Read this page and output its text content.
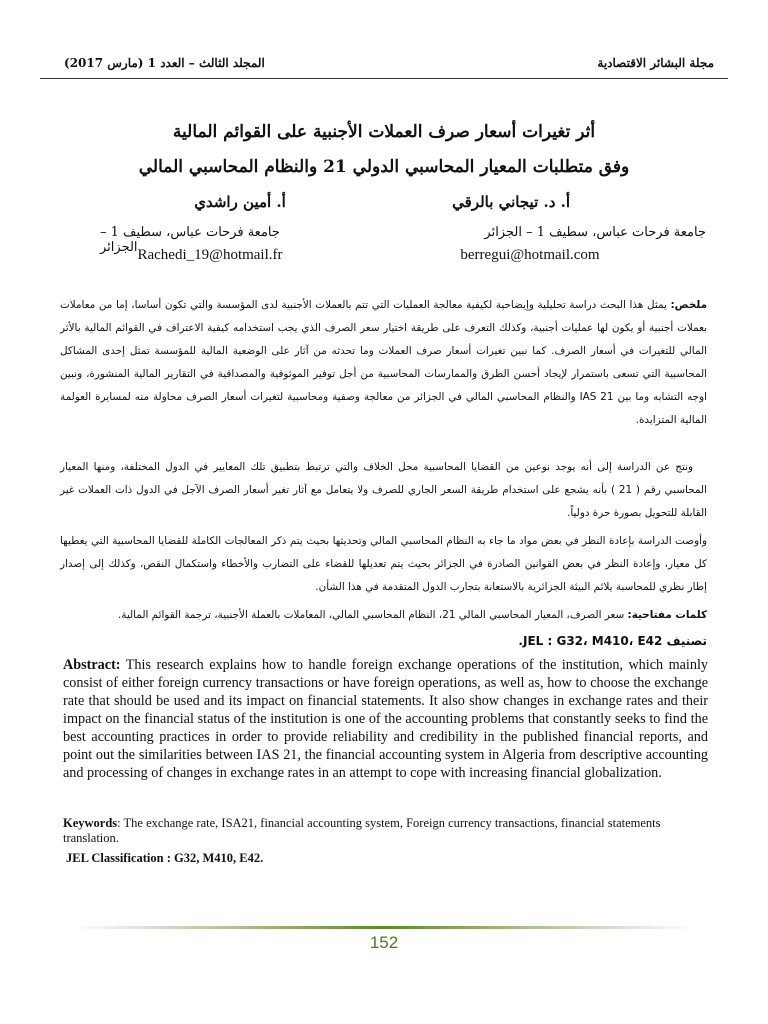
المجلد الثالث – العدد 1 (مارس 2017)	مجلة البشائر الاقتصادية
أثر تغيرات أسعار صرف العملات الأجنبية على القوائم المالية
وفق متطلبات المعيار المحاسبي الدولي 21 والنظام المحاسبي المالي
أ. د. تيجاني بالرقي
جامعة فرحات عباس، سطيف 1 – الجزائر
berregui@hotmail.com
أ. أمين راشدي
جامعة فرحات عباس، سطيف 1 – الجزائر Rachedi_19@hotmail.fr
ملخص: يمثل هذا البحث دراسة تحليلية وإيضاحية لكيفية معالجة العمليات التي تتم بالعملات الأجنبية لدى المؤسسة والتي تكون أساسا، إما من معاملات بعملات أجنبية أو يكون لها عمليات أجنبية، وكذلك التعرف على طريقة اختيار سعر الصرف الذي يجب استخدامه كيفية الاعتراف في القوائم المالية بالأثر المالي للتغيرات في أسعار الصرف. كما نبين تغيرات أسعار صرف العملات وما تحدثه من آثار على الوضعية المالية للمؤسسة تمثل إحدى المشاكل المحاسبية التي تسعى باستمرار لإيجاد أحسن الطرق والممارسات المحاسبية من أجل توفير الموثوقية والمصداقية في التقارير المالية المنشورة، ونبين اوجه التشابه وما بين IAS 21 والنظام المحاسبي المالي في الجزائر من معالجة وصفية ومحاسبية لتغيرات أسعار الصرف محاولة منه لمسايرة العولمة المالية المتزايدة.
ونتج عن الدراسة إلى أنه يوجد نوعين من القضايا المحاسبية محل الخلاف والتي ترتبط بتطبيق تلك المعايير في الدول المختلفة، ومنها المعيار المحاسبي رقم ( 21 ) بأنه يشجع على استخدام طريقة السعر الجاري للصرف ولا يتعامل مع آثار تغير أسعار الصرف الآجل في الدول ذات العملات غير القابلة للتحويل بصورة حرة دولياً.
وأوصت الدراسة بإعادة النظر في بعض مواد ما جاء به النظام المحاسبي المالي وتحديثها بحيث يتم ذكر المعالجات الكاملة للقضايا المحاسبية التي يغطيها كل معيار، وإعادة النظر في بعض القوانين الصادرة في الجزائر بحيث يتم تعديلها للقضاء على التضارب والأخطاء واستكمال النقص، وكذلك إلى إصدار إطار نظري للمحاسبة يلائم البيئة الجزائرية بالاستعانة بتجارب الدول المتقدمة في هذا الشأن.
كلمات مفتاحية: سعر الصرف، المعيار المحاسبي المالي 21، النظام المحاسبي المالي، المعاملات بالعملة الأجنبية، ترجمة القوائم المالية.
تصنيف JEL : G32، M410، E42.
Abstract: This research explains how to handle foreign exchange operations of the institution, which mainly consist of either foreign currency transactions or have foreign operations, as well as, how to choose the exchange rate that should be used and its impact on financial statements. It also show changes in exchange rates and their impact on the financial status of the institution is one of the accounting problems that constantly seeks to find the best accounting practices in order to provide reliability and credibility in the published financial reports, and point out the similarities between IAS 21, the financial accounting system in Algeria from descriptive accounting and processing of changes in exchange rates in an attempt to cope with increasing financial globalization.
Keywords: The exchange rate, ISA21, financial accounting system, Foreign currency transactions, financial statements translation.
JEL Classification : G32, M410, E42.
152
